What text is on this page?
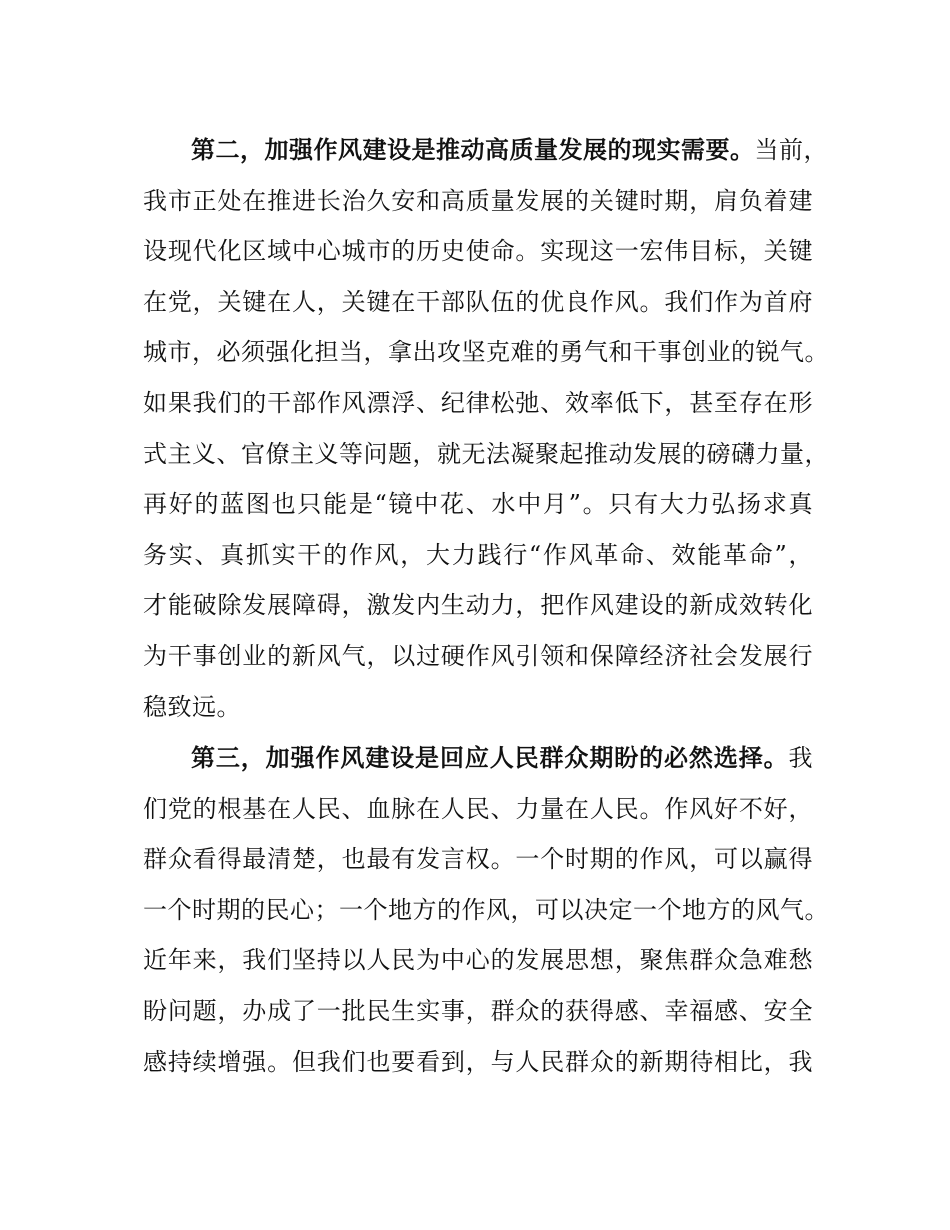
第二，加强作风建设是推动高质量发展的现实需要。当前，
我市正处在推进长治久安和高质量发展的关键时期，肩负着建
设现代化区域中心城市的历史使命。实现这一宏伟目标，关键
在党，关键在人，关键在干部队伍的优良作风。我们作为首府
城市，必须强化担当，拿出攻坚克难的勇气和干事创业的锐气。
如果我们的干部作风漂浮、纪律松弛、效率低下，甚至存在形
式主义、官僚主义等问题，就无法凝聚起推动发展的磅礴力量，
再好的蓝图也只能是“镜中花、水中月”。只有大力弘扬求真
务实、真抓实干的作风，大力践行“作风革命、效能革命”，
才能破除发展障碍，激发内生动力，把作风建设的新成效转化
为干事创业的新风气，以过硬作风引领和保障经济社会发展行
稳致远。
第三，加强作风建设是回应人民群众期盼的必然选择。我
们党的根基在人民、血脉在人民、力量在人民。作风好不好，
群众看得最清楚，也最有发言权。一个时期的作风，可以赢得
一个时期的民心；一个地方的作风，可以决定一个地方的风气。
近年来，我们坚持以人民为中心的发展思想，聚焦群众急难愁
盼问题，办成了一批民生实事，群众的获得感、幸福感、安全
感持续增强。但我们也要看到，与人民群众的新期待相比，我
